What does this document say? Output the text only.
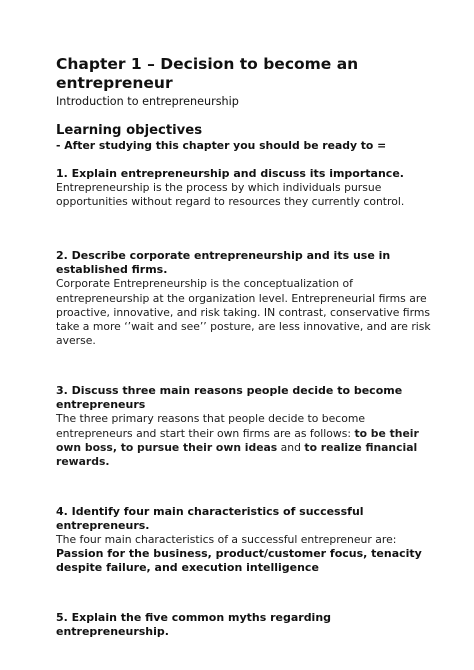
Chapter 1 – Decision to become an entrepreneur

Introduction to entrepreneurship

Learning objectives

- After studying this chapter you should be ready to =

1. Explain entrepreneurship and discuss its importance.

Entrepreneurship is the process by which individuals pursue opportunities without regard to resources they currently control.

2. Describe corporate entrepreneurship and its use in established firms.

Corporate Entrepreneurship is the conceptualization of entrepreneurship at the organization level. Entrepreneurial firms are proactive, innovative, and risk taking. IN contrast, conservative firms take a more ‘’wait and see’’ posture, are less innovative, and are risk averse.

3. Discuss three main reasons people decide to become entrepreneurs

The three primary reasons that people decide to become entrepreneurs and start their own firms are as follows: to be their own boss, to pursue their own ideas and to realize financial rewards.

4. Identify four main characteristics of successful entrepreneurs.

The four main characteristics of a successful entrepreneur are:

Passion for the business, product/customer focus, tenacity despite failure, and execution intelligence

5. Explain the five common myths regarding entrepreneurship.
